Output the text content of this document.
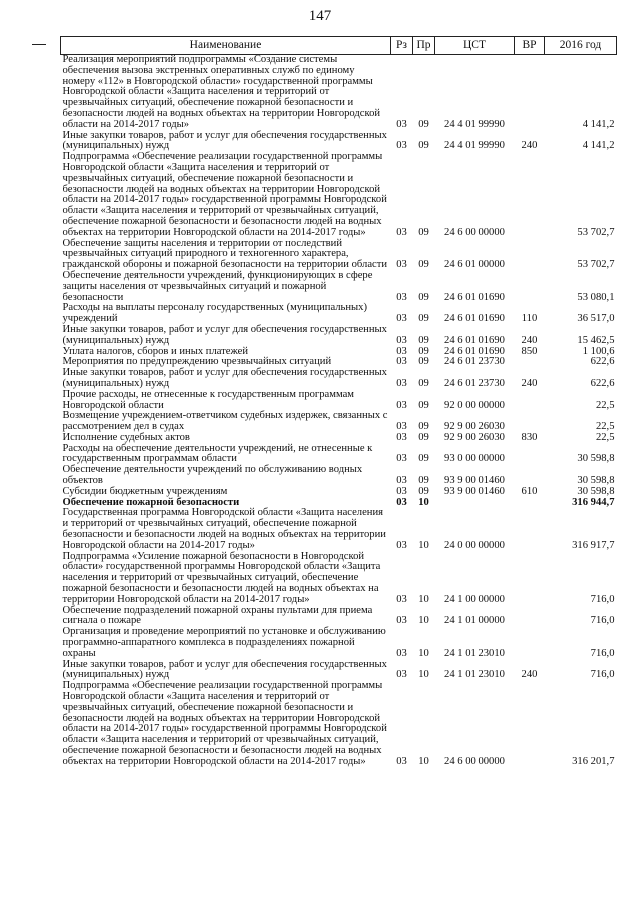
147
Наименование	Рз	Пр	ЦСТ	ВР	2016 год
Реализация мероприятий подпрограммы «Создание системы обеспечения вызова экстренных оперативных служб по единому номеру «112» в Новгородской области» государственной программы Новгородской области «Защита населения и территорий от чрезвычайных ситуаций, обеспечение пожарной безопасности и безопасности людей на водных объектах на территории Новгородской области на 2014-2017 годы»	03	09	24 4 01 99990		4 141,2
Иные закупки товаров, работ и услуг для обеспечения государственных (муниципальных) нужд	03	09	24 4 01 99990	240	4 141,2
Подпрограмма «Обеспечение реализации государственной программы Новгородской области «Защита населения и территорий от чрезвычайных ситуаций, обеспечение пожарной безопасности и безопасности людей на водных объектах на территории Новгородской области на 2014-2017 годы» государственной программы Новгородской области «Защита населения и территорий от чрезвычайных ситуаций, обеспечение пожарной безопасности и безопасности людей на водных объектах на территории Новгородской области на 2014-2017 годы»	03	09	24 6 00 00000		53 702,7
Обеспечение защиты населения и территории от последствий чрезвычайных ситуаций природного и техногенного характера, гражданской обороны и пожарной безопасности на территории области	03	09	24 6 01 00000		53 702,7
Обеспечение деятельности учреждений, функционирующих в сфере защиты населения от чрезвычайных ситуаций и пожарной безопасности	03	09	24 6 01 01690		53 080,1
Расходы на выплаты персоналу государственных (муниципальных) учреждений	03	09	24 6 01 01690	110	36 517,0
Иные закупки товаров, работ и услуг для обеспечения государственных (муниципальных) нужд	03	09	24 6 01 01690	240	15 462,5
Уплата налогов, сборов и иных платежей	03	09	24 6 01 01690	850	1 100,6
Мероприятия по предупреждению чрезвычайных ситуаций	03	09	24 6 01 23730		622,6
Иные закупки товаров, работ и услуг для обеспечения государственных (муниципальных) нужд	03	09	24 6 01 23730	240	622,6
Прочие расходы, не отнесенные к государственным программам Новгородской области	03	09	92 0 00 00000		22,5
Возмещение учреждением-ответчиком судебных издержек, связанных с рассмотрением дел в судах	03	09	92 9 00 26030		22,5
Исполнение судебных актов	03	09	92 9 00 26030	830	22,5
Расходы на обеспечение деятельности учреждений, не отнесенные к государственным программам области	03	09	93 0 00 00000		30 598,8
Обеспечение деятельности учреждений по обслуживанию водных объектов	03	09	93 9 00 01460		30 598,8
Субсидии бюджетным учреждениям	03	09	93 9 00 01460	610	30 598,8
Обеспечение пожарной безопасности	03	10			316 944,7
Государственная программа Новгородской области «Защита населения и территорий от чрезвычайных ситуаций, обеспечение пожарной безопасности и безопасности людей на водных объектах на территории Новгородской области на 2014-2017 годы»	03	10	24 0 00 00000		316 917,7
Подпрограмма «Усиление пожарной безопасности в Новгородской области» государственной программы Новгородской области «Защита населения и территорий от чрезвычайных ситуаций, обеспечение пожарной безопасности и безопасности людей на водных объектах на территории Новгородской области на 2014-2017 годы»	03	10	24 1 00 00000		716,0
Обеспечение подразделений пожарной охраны пультами для приема сигнала о пожаре	03	10	24 1 01 00000		716,0
Организация и проведение мероприятий по установке и обслуживанию программно-аппаратного комплекса в подразделениях пожарной охраны	03	10	24 1 01 23010		716,0
Иные закупки товаров, работ и услуг для обеспечения государственных (муниципальных) нужд	03	10	24 1 01 23010	240	716,0
Подпрограмма «Обеспечение реализации государственной программы Новгородской области «Защита населения и территорий от чрезвычайных ситуаций, обеспечение пожарной безопасности и безопасности людей на водных объектах на территории Новгородской области на 2014-2017 годы» государственной программы Новгородской области «Защита населения и территорий от чрезвычайных ситуаций, обеспечение пожарной безопасности и безопасности людей на водных объектах на территории Новгородской области на 2014-2017 годы»	03	10	24 6 00 00000		316 201,7
